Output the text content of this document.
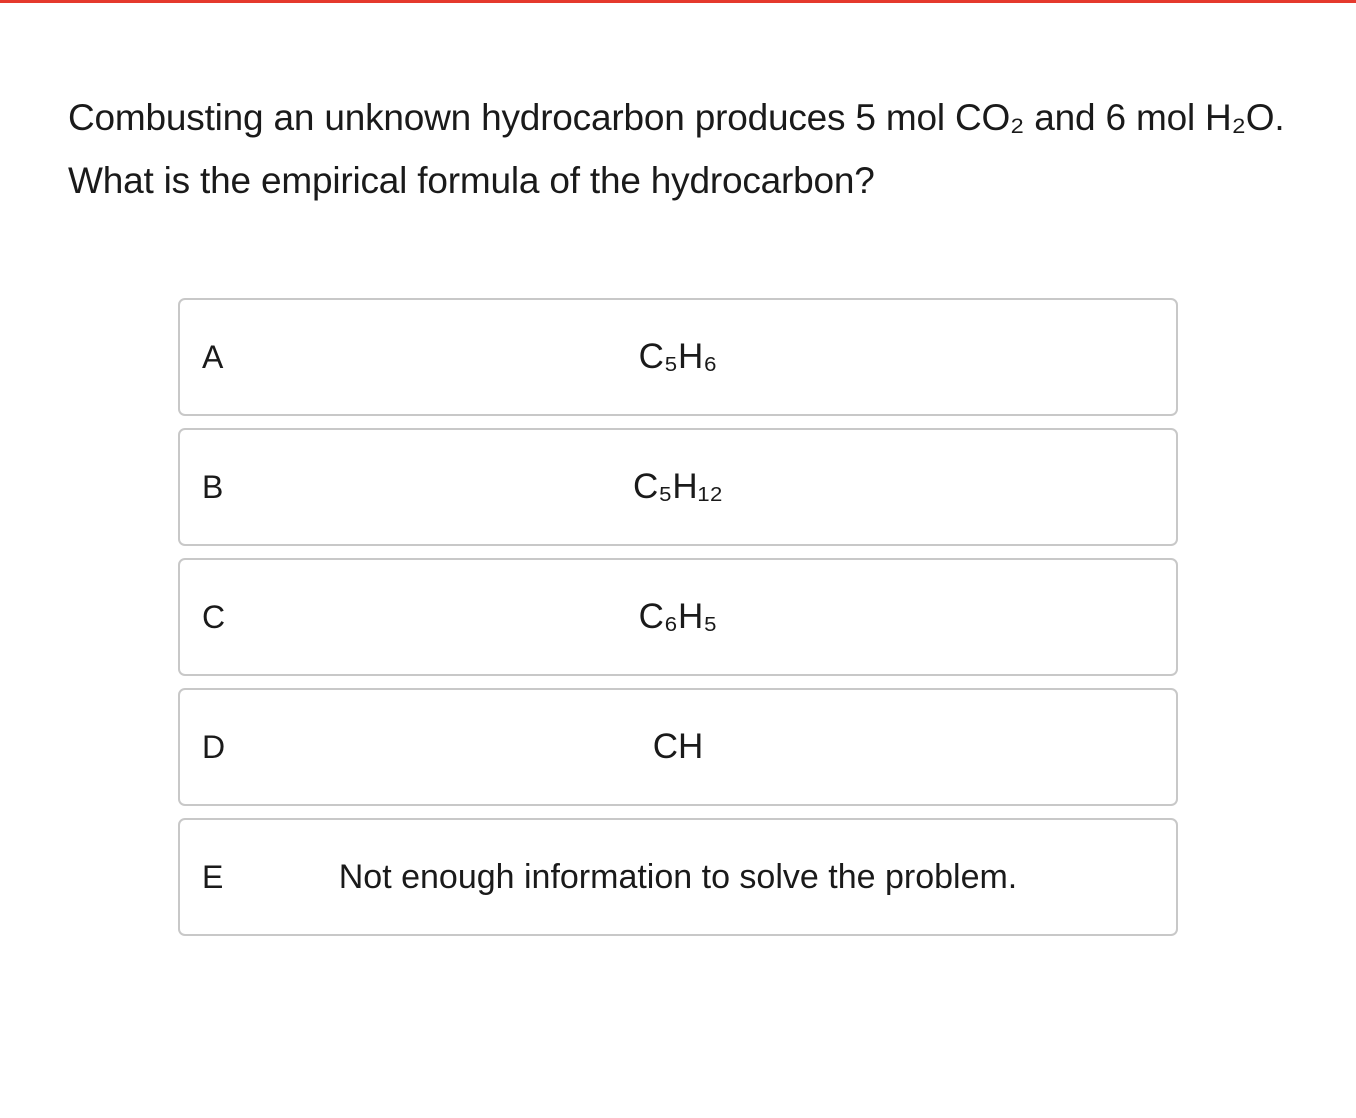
Combusting an unknown hydrocarbon produces 5 mol CO₂ and 6 mol H₂O. What is the empirical formula of the hydrocarbon?
A	C₅H₆
B	C₅H₁₂
C	C₆H₅
D	CH
E	Not enough information to solve the problem.
